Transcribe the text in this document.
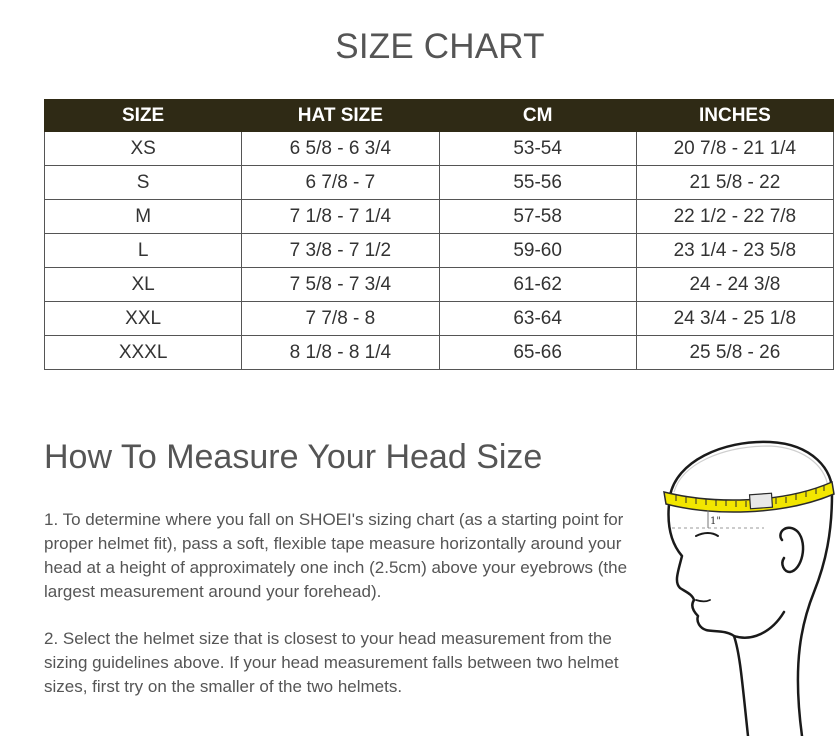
SIZE CHART
SIZE	HAT SIZE	CM	INCHES
XS	6 5/8 - 6 3/4	53-54	20 7/8 - 21 1/4
S	6 7/8 - 7	55-56	21 5/8 - 22
M	7 1/8 - 7 1/4	57-58	22 1/2 - 22 7/8
L	7 3/8 - 7 1/2	59-60	23 1/4 - 23 5/8
XL	7 5/8 - 7 3/4	61-62	24 - 24 3/8
XXL	7 7/8 - 8	63-64	24 3/4 - 25 1/8
XXXL	8 1/8 - 8 1/4	65-66	25 5/8 - 26
How To Measure Your Head Size
1. To determine where you fall on SHOEI's sizing chart (as a starting point for proper helmet fit), pass a soft, flexible tape measure horizontally around your head at a height of approximately one inch (2.5cm) above your eyebrows (the largest measurement around your forehead).
2. Select the helmet size that is closest to your head measurement from the sizing guidelines above. If your head measurement falls between two helmet sizes, first try on the smaller of the two helmets.
1"
